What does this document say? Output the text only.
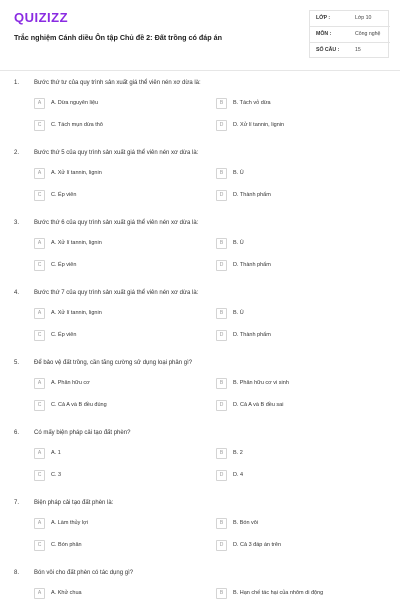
QUIZIZZ
Trắc nghiệm Cánh diều Ôn tập Chủ đề 2: Đất trồng có đáp án
LỚP :	Lớp 10
MÔN :	Công nghệ
SỐ CÂU :	15
1. Bước thứ tư của quy trình sản xuất giá thể viên nén xơ dừa là:
A	A. Dừa nguyên liệu	B	B. Tách vỏ dừa
C	C. Tách mụn dừa thô	D	D. Xử lí tannin, lignin
2. Bước thứ 5 của quy trình sản xuất giá thể viên nén xơ dừa là:
A	A. Xử lí tannin, lignin	B	B. Ủ
C	C. Ép viên	D	D. Thành phẩm
3. Bước thứ 6 của quy trình sản xuất giá thể viên nén xơ dừa là:
A	A. Xử lí tannin, lignin	B	B. Ủ
C	C. Ép viên	D	D. Thành phẩm
4. Bước thứ 7 của quy trình sản xuất giá thể viên nén xơ dừa là:
A	A. Xử lí tannin, lignin	B	B. Ủ
C	C. Ép viên	D	D. Thành phẩm
5. Để bảo vệ đất trồng, cần tăng cường sử dụng loại phân gì?
A	A. Phân hữu cơ	B	B. Phân hữu cơ vi sinh
C	C. Cả A và B đều đúng	D	D. Cả A và B đều sai
6. Có mấy biện pháp cải tạo đất phèn?
A	A. 1	B	B. 2
C	C. 3	D	D. 4
7. Biện pháp cải tạo đất phèn là:
A	A. Làm thủy lợi	B	B. Bón vôi
C	C. Bón phân	D	D. Cả 3 đáp án trên
8. Bón vôi cho đất phèn có tác dụng gì?
A	A. Khử chua	B	B. Hạn chế tác hại của nhôm di động
